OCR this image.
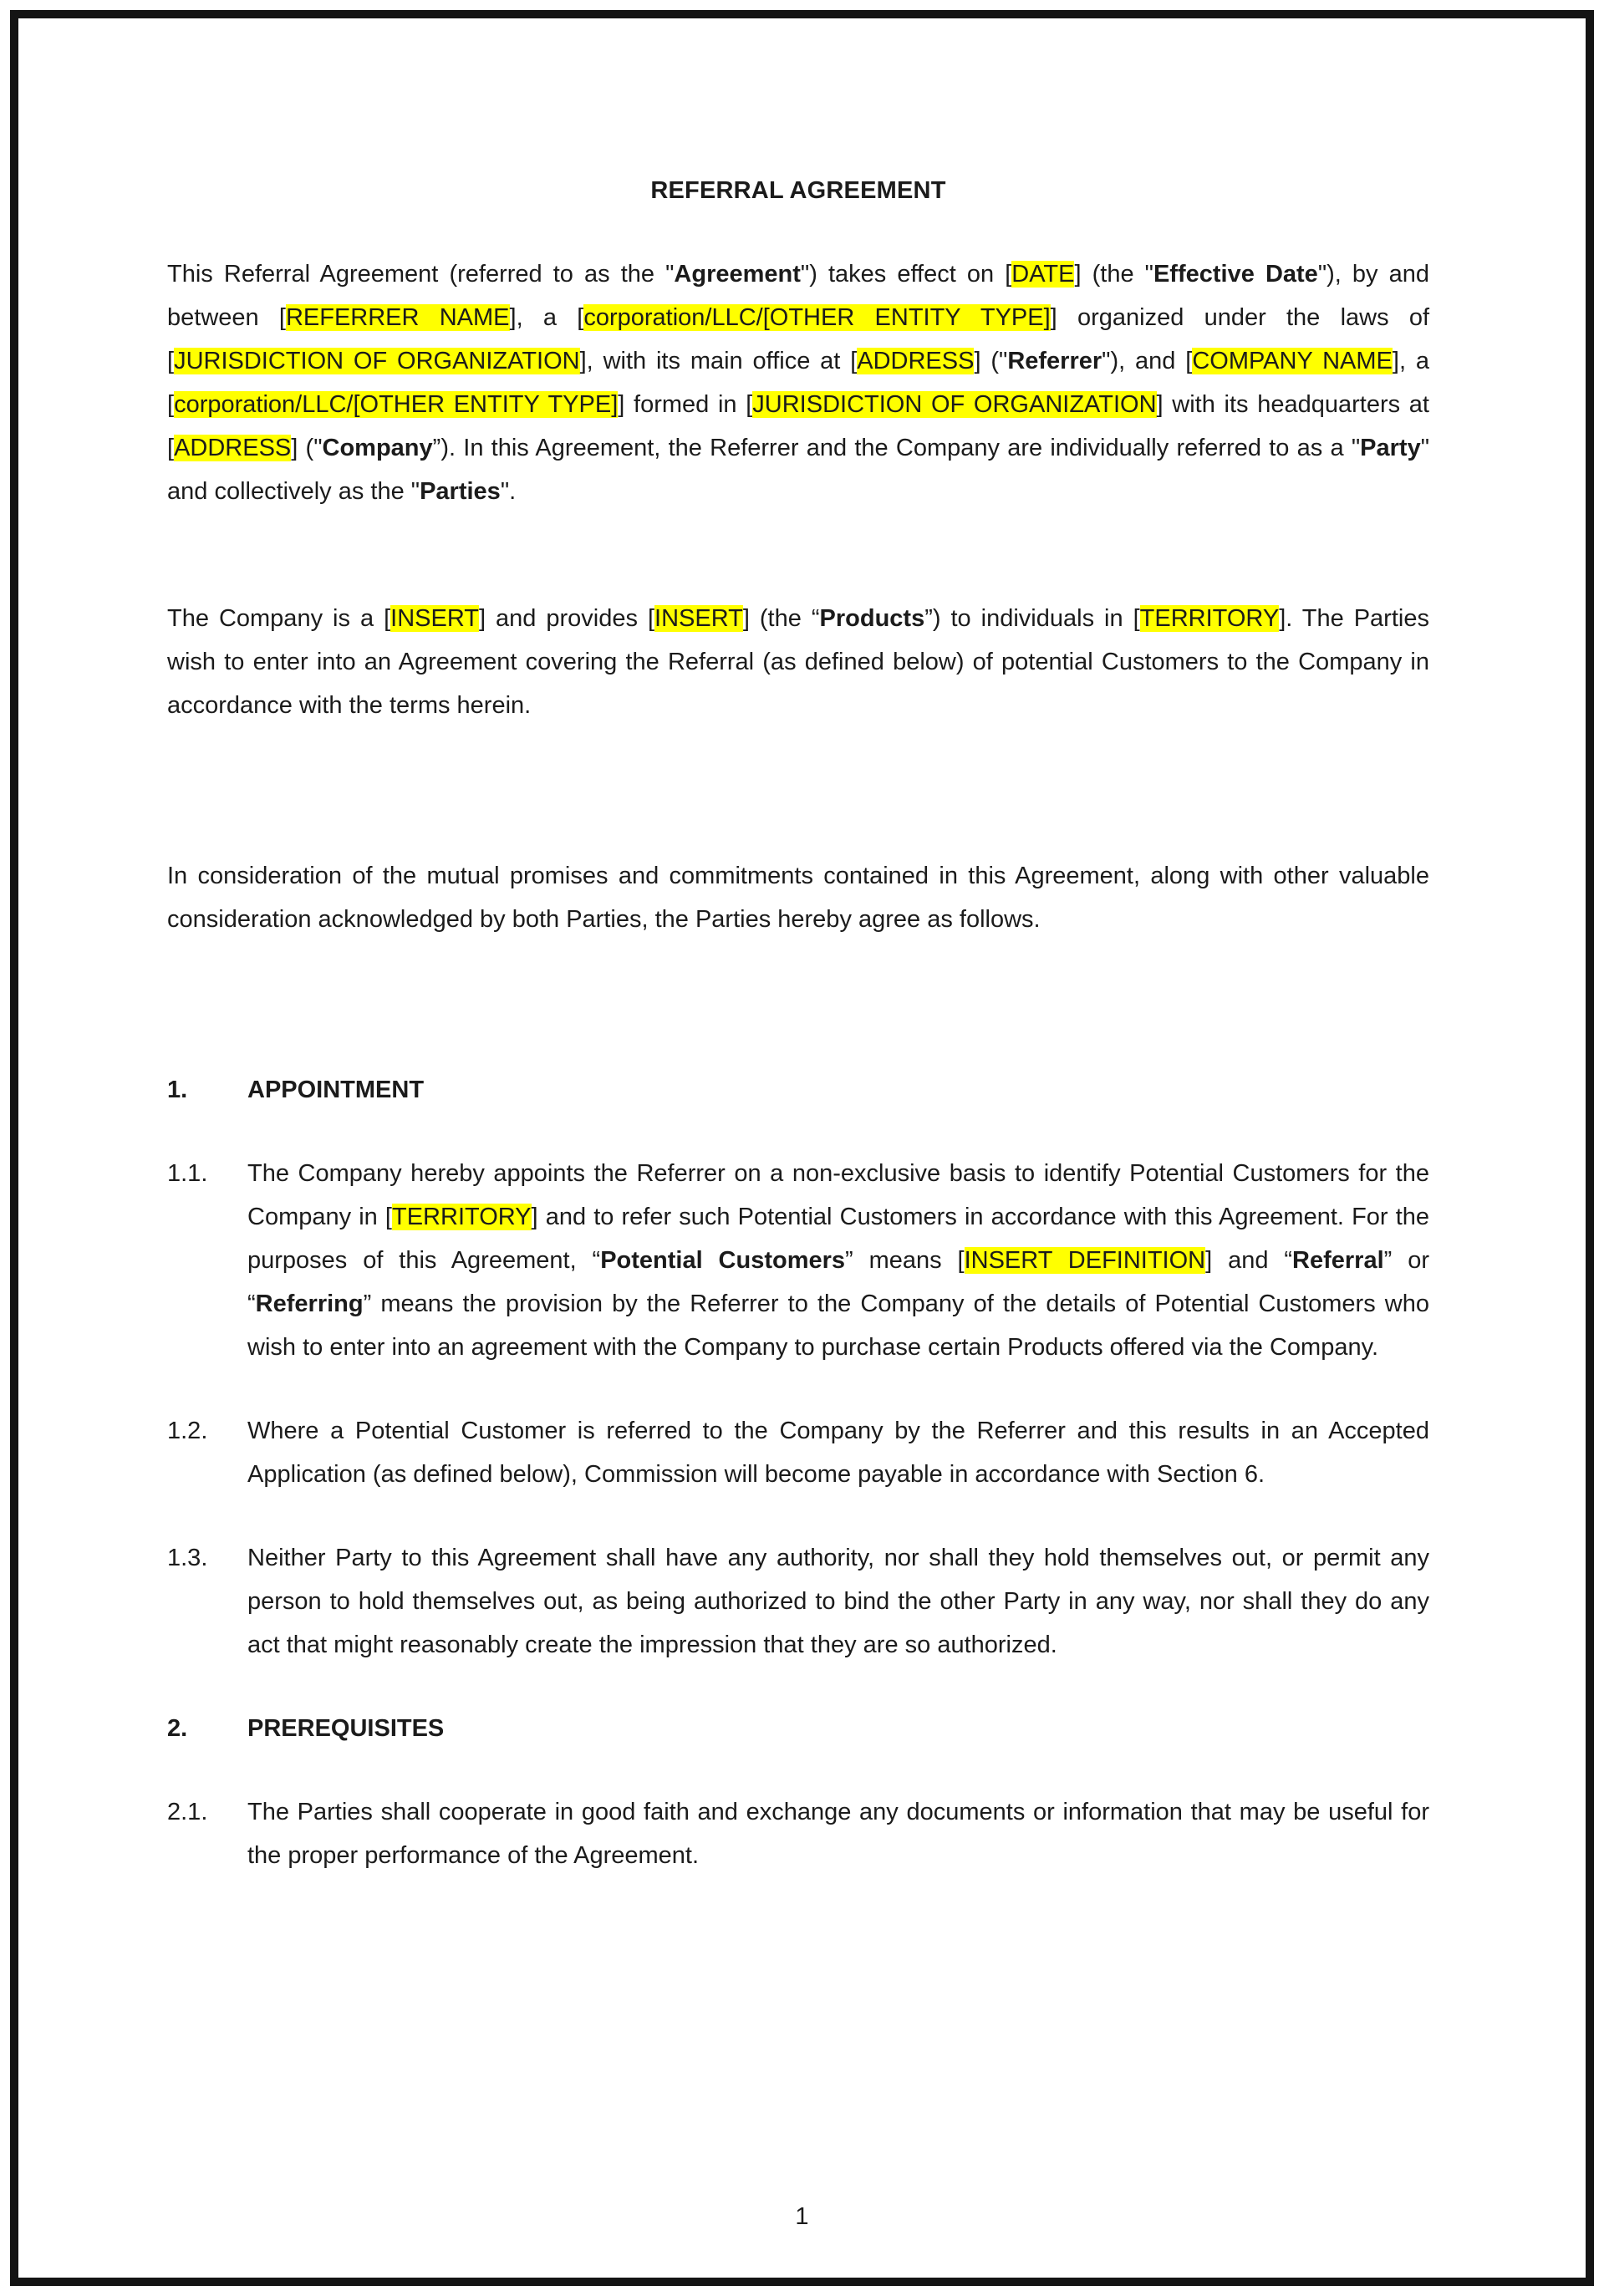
REFERRAL AGREEMENT

This Referral Agreement (referred to as the "Agreement") takes effect on [DATE] (the "Effective Date"), by and between [REFERRER NAME], a [corporation/LLC/[OTHER ENTITY TYPE]] organized under the laws of [JURISDICTION OF ORGANIZATION], with its main office at [ADDRESS] ("Referrer"), and [COMPANY NAME], a [corporation/LLC/[OTHER ENTITY TYPE]] formed in [JURISDICTION OF ORGANIZATION] with its headquarters at [ADDRESS] ("Company”). In this Agreement, the Referrer and the Company are individually referred to as a "Party" and collectively as the "Parties".

The Company is a [INSERT] and provides [INSERT] (the “Products”) to individuals in [TERRITORY]. The Parties wish to enter into an Agreement covering the Referral (as defined below) of potential Customers to the Company in accordance with the terms herein.

In consideration of the mutual promises and commitments contained in this Agreement, along with other valuable consideration acknowledged by both Parties, the Parties hereby agree as follows.

1.	APPOINTMENT
1.1.	The Company hereby appoints the Referrer on a non-exclusive basis to identify Potential Customers for the Company in [TERRITORY] and to refer such Potential Customers in accordance with this Agreement. For the purposes of this Agreement, “Potential Customers” means [INSERT DEFINITION] and “Referral” or “Referring” means the provision by the Referrer to the Company of the details of Potential Customers who wish to enter into an agreement with the Company to purchase certain Products offered via the Company.
1.2.	Where a Potential Customer is referred to the Company by the Referrer and this results in an Accepted Application (as defined below), Commission will become payable in accordance with Section 6.
1.3.	Neither Party to this Agreement shall have any authority, nor shall they hold themselves out, or permit any person to hold themselves out, as being authorized to bind the other Party in any way, nor shall they do any act that might reasonably create the impression that they are so authorized.
2.	PREREQUISITES
2.1.	The Parties shall cooperate in good faith and exchange any documents or information that may be useful for the proper performance of the Agreement.
1
